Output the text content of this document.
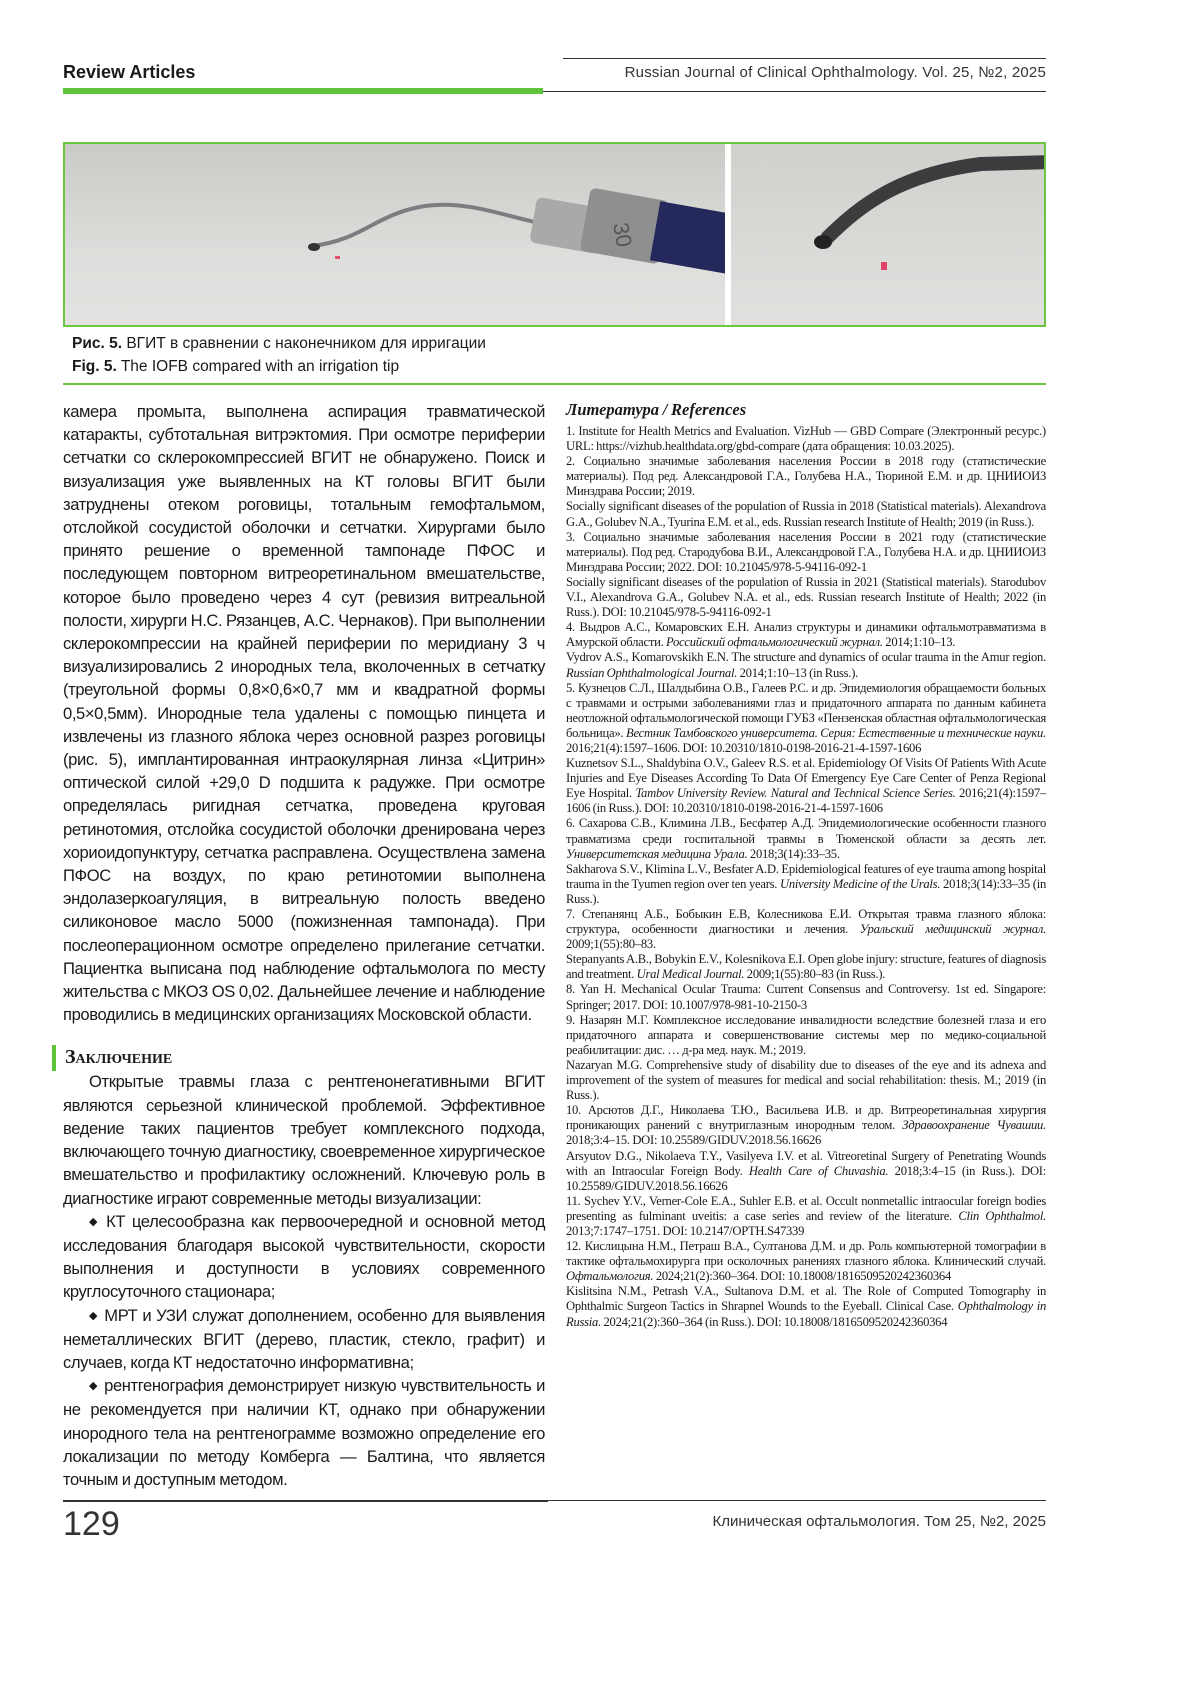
Review Articles	Russian Journal of Clinical Ophthalmology. Vol. 25, №2, 2025
30
Рис. 5. ВГИТ в сравнении с наконечником для ирригации
Fig. 5. The IOFB compared with an irrigation tip

камера промыта, выполнена аспирация травматической катаракты, субтотальная витрэктомия. При осмотре периферии сетчатки со склерокомпрессией ВГИТ не обнаружено. Поиск и визуализация уже выявленных на КТ головы ВГИТ были затруднены отеком роговицы, тотальным гемофтальмом, отслойкой сосудистой оболочки и сетчатки. Хирургами было принято решение о временной тампонаде ПФОС и последующем повторном витреоретинальном вмешательстве, которое было проведено через 4 сут (ревизия витреальной полости, хирурги Н.С. Рязанцев, А.С. Чернаков). При выполнении склерокомпрессии на крайней периферии по меридиану 3 ч визуализировались 2 инородных тела, вколоченных в сетчатку (треугольной формы 0,8×0,6×0,7 мм и квадратной формы 0,5×0,5мм). Инородные тела удалены с помощью пинцета и извлечены из глазного яблока через основной разрез роговицы (рис. 5), имплантированная интраокулярная линза «Цитрин» оптической силой +29,0 D подшита к радужке. При осмотре определялась ригидная сетчатка, проведена круговая ретинотомия, отслойка сосудистой оболочки дренирована через хориоидопунктуру, сетчатка расправлена. Осуществлена замена ПФОС на воздух, по краю ретинотомии выполнена эндолазеркоагуляция, в витреальную полость введено силиконовое масло 5000 (пожизненная тампонада). При послеоперационном осмотре определено прилегание сетчатки. Пациентка выписана под наблюдение офтальмолога по месту жительства с МКОЗ OS 0,02. Дальнейшее лечение и наблюдение проводились в медицинских организациях Московской области.

Заключение

Открытые травмы глаза с рентгенонегативными ВГИТ являются серьезной клинической проблемой. Эффективное ведение таких пациентов требует комплексного подхода, включающего точную диагностику, своевременное хирургическое вмешательство и профилактику осложнений. Ключевую роль в диагностике играют современные методы визуализации:

◆ КТ целесообразна как первоочередной и основной метод исследования благодаря высокой чувствительности, скорости выполнения и доступности в условиях современного круглосуточного стационара;

◆ МРТ и УЗИ служат дополнением, особенно для выявления неметаллических ВГИТ (дерево, пластик, стекло, графит) и случаев, когда КТ недостаточно информативна;

◆ рентгенография демонстрирует низкую чувствительность и не рекомендуется при наличии КТ, однако при обнаружении инородного тела на рентгенограмме возможно определение его локализации по методу Комберга — Балтина, что является точным и доступным методом.

Литература / References
1. Institute for Health Metrics and Evaluation. VizHub — GBD Compare (Электронный ресурс.) URL: https://vizhub.healthdata.org/gbd-compare (дата обращения: 10.03.2025).
2. Социально значимые заболевания населения России в 2018 году (статистические материалы). Под ред. Александровой Г.А., Голубева Н.А., Тюриной Е.М. и др. ЦНИИОИЗ Минздрава России; 2019.
Socially significant diseases of the population of Russia in 2018 (Statistical materials). Alexandrova G.A., Golubev N.A., Tyurina E.M. et al., eds. Russian research Institute of Health; 2019 (in Russ.).
3. Социально значимые заболевания населения России в 2021 году (статистические материалы). Под ред. Стародубова В.И., Александровой Г.А., Голубева Н.А. и др. ЦНИИОИЗ Минздрава России; 2022. DOI: 10.21045/978-5-94116-092-1
Socially significant diseases of the population of Russia in 2021 (Statistical materials). Starodubov V.I., Alexandrova G.A., Golubev N.A. et al., eds. Russian research Institute of Health; 2022 (in Russ.). DOI: 10.21045/978-5-94116-092-1
4. Выдров А.С., Комаровских Е.Н. Анализ структуры и динамики офтальмотравматизма в Амурской области. Российский офтальмологический журнал. 2014;1:10–13.
Vydrov A.S., Komarovskikh E.N. The structure and dynamics of ocular trauma in the Amur region. Russian Ophthalmological Journal. 2014;1:10–13 (in Russ.).
5. Кузнецов С.Л., Шалдыбина О.В., Галеев Р.С. и др. Эпидемиология обращаемости больных с травмами и острыми заболеваниями глаз и придаточного аппарата по данным кабинета неотложной офтальмологической помощи ГУБЗ «Пензенская областная офтальмологическая больница». Вестник Тамбовского университета. Серия: Естественные и технические науки. 2016;21(4):1597–1606. DOI: 10.20310/1810-0198-2016-21-4-1597-1606
Kuznetsov S.L., Shaldybina O.V., Galeev R.S. et al. Epidemiology Of Visits Of Patients With Acute Injuries and Eye Diseases According To Data Of Emergency Eye Care Center of Penza Regional Eye Hospital. Tambov University Review. Natural and Technical Science Series. 2016;21(4):1597–1606 (in Russ.). DOI: 10.20310/1810-0198-2016-21-4-1597-1606
6. Сахарова С.В., Климина Л.В., Бесфатер А.Д. Эпидемиологические особенности глазного травматизма среди госпитальной травмы в Тюменской области за десять лет. Университетская медицина Урала. 2018;3(14):33–35.
Sakharova S.V., Klimina L.V., Besfater A.D. Epidemiological features of eye trauma among hospital trauma in the Tyumen region over ten years. University Medicine of the Urals. 2018;3(14):33–35 (in Russ.).
7. Степанянц А.Б., Бобыкин Е.В, Колесникова Е.И. Открытая травма глазного яблока: структура, особенности диагностики и лечения. Уральский медицинский журнал. 2009;1(55):80–83.
Stepanyants A.B., Bobykin E.V., Kolesnikova E.I. Open globe injury: structure, features of diagnosis and treatment. Ural Medical Journal. 2009;1(55):80–83 (in Russ.).
8. Yan H. Mechanical Ocular Trauma: Current Consensus and Controversy. 1st ed. Singapore: Springer; 2017. DOI: 10.1007/978-981-10-2150-3
9. Назарян М.Г. Комплексное исследование инвалидности вследствие болезней глаза и его придаточного аппарата и совершенствование системы мер по медико-социальной реабилитации: дис. … д-ра мед. наук. М.; 2019.
Nazaryan M.G. Comprehensive study of disability due to diseases of the eye and its adnexa and improvement of the system of measures for medical and social rehabilitation: thesis. M.; 2019 (in Russ.).
10. Арсютов Д.Г., Николаева Т.Ю., Васильева И.В. и др. Витреоретинальная хирургия проникающих ранений с внутриглазным инородным телом. Здравоохранение Чувашии. 2018;3:4–15. DOI: 10.25589/GIDUV.2018.56.16626
Arsyutov D.G., Nikolaeva T.Y., Vasilyeva I.V. et al. Vitreoretinal Surgery of Penetrating Wounds with an Intraocular Foreign Body. Health Care of Chuvashia. 2018;3:4–15 (in Russ.). DOI: 10.25589/GIDUV.2018.56.16626
11. Sychev Y.V., Verner-Cole E.A., Suhler E.B. et al. Occult nonmetallic intraocular foreign bodies presenting as fulminant uveitis: a case series and review of the literature. Clin Ophthalmol. 2013;7:1747–1751. DOI: 10.2147/OPTH.S47339
12. Кислицына Н.М., Петраш В.А., Султанова Д.М. и др. Роль компьютерной томографии в тактике офтальмохирурга при осколочных ранениях глазного яблока. Клинический случай. Офтальмология. 2024;21(2):360–364. DOI: 10.18008/1816509520242360364
Kislitsina N.M., Petrash V.A., Sultanova D.M. et al. The Role of Computed Tomography in Ophthalmic Surgeon Tactics in Shrapnel Wounds to the Eyeball. Clinical Case. Ophthalmology in Russia. 2024;21(2):360–364 (in Russ.). DOI: 10.18008/1816509520242360364
129	Клиническая офтальмология. Том 25, №2, 2025
